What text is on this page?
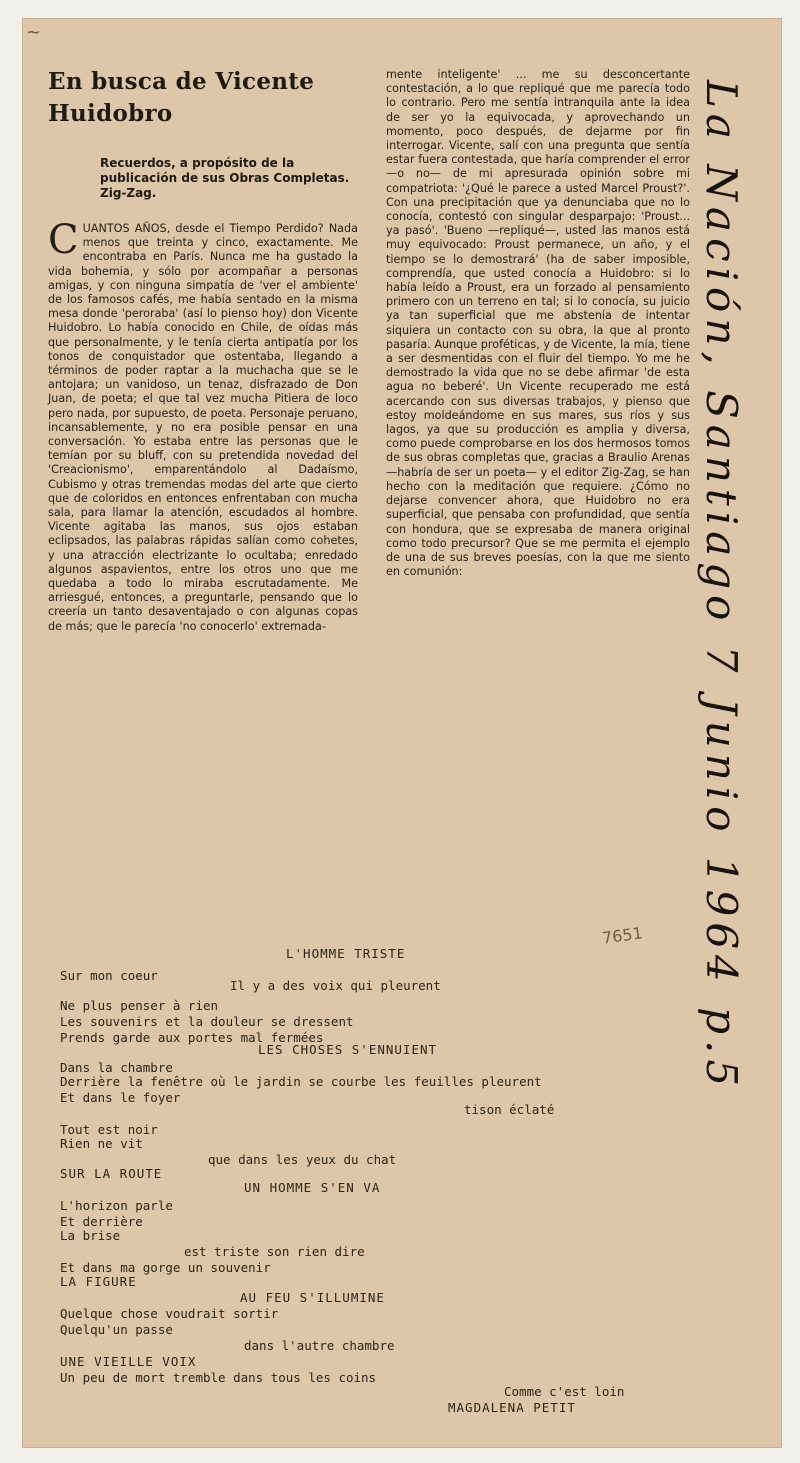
~
En busca de Vicente Huidobro

Recuerdos, a propósito de la publicación de sus Obras Completas. Zig-Zag.

C UANTOS AÑOS, desde el Tiempo Perdido? Nada menos que treinta y cinco, exactamente. Me encontraba en París. Nunca me ha gustado la vida bohemia, y sólo por acompañar a personas amigas, y con ninguna simpatía de 'ver el ambiente' de los famosos cafés, me había sentado en la misma mesa donde 'peroraba' (así lo pienso hoy) don Vicente Huidobro. Lo había conocido en Chile, de oídas más que personalmente, y le tenía cierta antipatía por los tonos de conquistador que ostentaba, llegando a términos de poder raptar a la muchacha que se le antojara; un vanidoso, un tenaz, disfrazado de Don Juan, de poeta; el que tal vez mucha Pitiera de loco pero nada, por supuesto, de poeta. Personaje peruano, incansablemente, y no era posible pensar en una conversación. Yo estaba entre las personas que le temían por su bluff, con su pretendida novedad del 'Creacionismo', emparentándolo al Dadaísmo, Cubismo y otras tremendas modas del arte que cierto que de coloridos en entonces enfrentaban con mucha sala, para llamar la atención, escudados al hombre. Vicente agitaba las manos, sus ojos estaban eclipsados, las palabras rápidas salían como cohetes, y una atracción electrizante lo ocultaba; enredado algunos aspavientos, entre los otros uno que me quedaba a todo lo miraba escrutadamente. Me arriesgué, entonces, a preguntarle, pensando que lo creería un tanto desaventajado o con algunas copas de más; que le parecía 'no conocerlo' extremada-
mente inteligente' ... me su desconcertante contestación, a lo que repliqué que me parecía todo lo contrario. Pero me sentía intranquila ante la idea de ser yo la equivocada, y aprovechando un momento, poco después, de dejarme por fin interrogar. Vicente, salí con una pregunta que sentía estar fuera contestada, que haría comprender el error —o no— de mi apresurada opinión sobre mi compatriota: '¿Qué le parece a usted Marcel Proust?'. Con una precipitación que ya denunciaba que no lo conocía, contestó con singular desparpajo: 'Proust... ya pasó'. 'Bueno —repliqué—, usted las manos está muy equivocado: Proust permanece, un año, y el tiempo se lo demostrará' (ha de saber imposible, comprendía, que usted conocía a Huidobro: si lo había leído a Proust, era un forzado al pensamiento primero con un terreno en tal; si lo conocía, su juicio ya tan superficial que me abstenía de intentar siquiera un contacto con su obra, la que al pronto pasaría. Aunque proféticas, y de Vicente, la mía, tiene a ser desmentidas con el fluir del tiempo. Yo me he demostrado la vida que no se debe afirmar 'de esta agua no beberé'. Un Vicente recuperado me está acercando con sus diversas trabajos, y pienso que estoy moldeándome en sus mares, sus ríos y sus lagos, ya que su producción es amplia y diversa, como puede comprobarse en los dos hermosos tomos de sus obras completas que, gracias a Braulio Arenas —habría de ser un poeta— y el editor Zig-Zag, se han hecho con la meditación que requiere. ¿Cómo no dejarse convencer ahora, que Huidobro no era superficial, que pensaba con profundidad, que sentía con hondura, que se expresaba de manera original como todo precursor? Que se me permita el ejemplo de una de sus breves poesías, con la que me siento en comunión:	La Nación, Santiago 7 Junio 1964 p.5
7651
L'HOMME TRISTE
Sur mon coeur
Il y a des voix qui pleurent
Ne plus penser à rien
Les souvenirs et la douleur se dressent
Prends garde aux portes mal fermées
LES CHOSES S'ENNUIENT
Dans la chambre
Derrière la fenêtre où le jardin se courbe les feuilles pleurent
Et dans le foyer
tison éclaté
Tout est noir
Rien ne vit
que dans les yeux du chat
SUR LA ROUTE
UN HOMME S'EN VA
L'horizon parle
Et derrière
La brise
est triste son rien dire
Et dans ma gorge un souvenir
LA FIGURE
AU FEU S'ILLUMINE
Quelque chose voudrait sortir
Quelqu'un passe
dans l'autre chambre
UNE VIEILLE VOIX
Un peu de mort tremble dans tous les coins
Comme c'est loin
MAGDALENA PETIT
